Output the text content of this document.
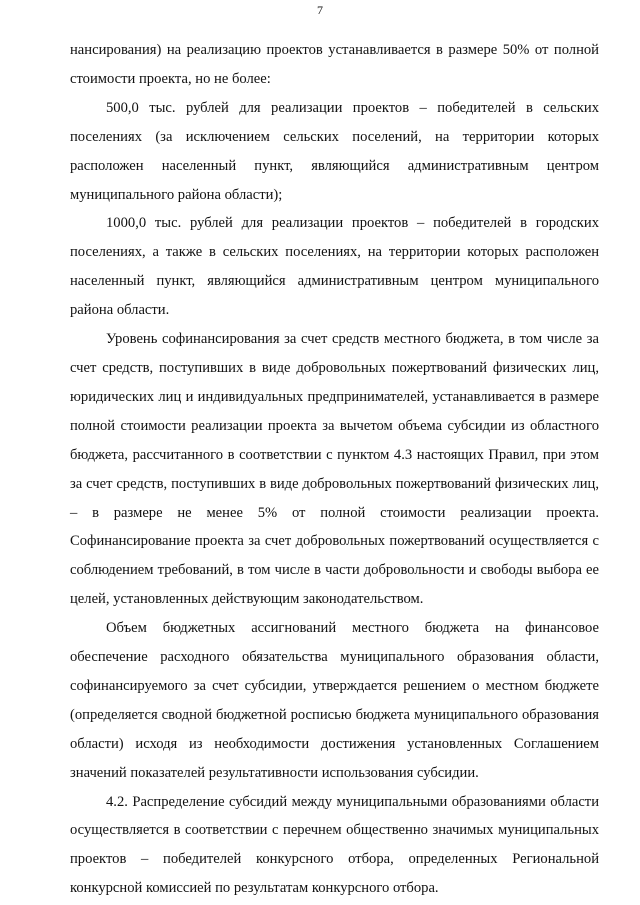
7

нансирования) на реализацию проектов устанавливается в размере 50% от полной стоимости проекта, но не более:

500,0 тыс. рублей для реализации проектов – победителей в сельских поселениях (за исключением сельских поселений, на территории которых расположен населенный пункт, являющийся административным центром муниципального района области);

1000,0 тыс. рублей для реализации проектов – победителей в городских поселениях, а также в сельских поселениях, на территории которых расположен населенный пункт, являющийся административным центром муниципального района области.

Уровень софинансирования за счет средств местного бюджета, в том числе за счет средств, поступивших в виде добровольных пожертвований физических лиц, юридических лиц и индивидуальных предпринимателей, устанавливается в размере полной стоимости реализации проекта за вычетом объема субсидии из областного бюджета, рассчитанного в соответствии с пунктом 4.3 настоящих Правил, при этом за счет средств, поступивших в виде добровольных пожертвований физических лиц, – в размере не менее 5% от полной стоимости реализации проекта. Софинансирование проекта за счет добровольных пожертвований осуществляется с соблюдением требований, в том числе в части добровольности и свободы выбора ее целей, установленных действующим законодательством.

Объем бюджетных ассигнований местного бюджета на финансовое обеспечение расходного обязательства муниципального образования области, софинансируемого за счет субсидии, утверждается решением о местном бюджете (определяется сводной бюджетной росписью бюджета муниципального образования области) исходя из необходимости достижения установленных Соглашением значений показателей результативности использования субсидии.

4.2. Распределение субсидий между муниципальными образованиями области осуществляется в соответствии с перечнем общественно значимых муниципальных проектов – победителей конкурсного отбора, определенных Региональной конкурсной комиссией по результатам конкурсного отбора.
